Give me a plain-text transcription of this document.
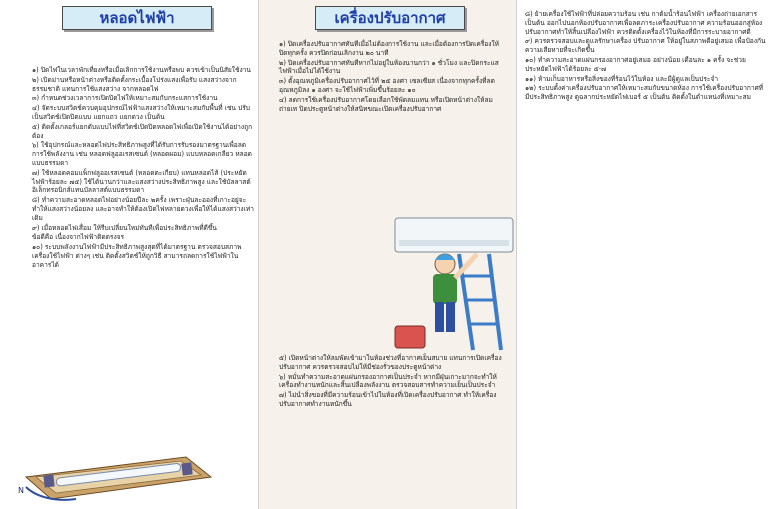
หลอดไฟฟ้า

๑) ปิดไฟในเวลาพักเที่ยงหรือเมื่อเลิกการใช้งานหรือพบ ควรเข้าเป็นนิสัยใช้งาน

๒) เปิดม่านหรือหน้าต่างหรือติดตั้งกระเบื้องโปร่งแสงเพื่อรับ แสงสว่างจากธรรมชาติ แทนการใช้แสงสว่าง จากหลอดไฟ

๓) กำหนดช่วงเวลาการเปิดปิดไฟให้เหมาะสมกับกระแสการใช้งาน

๔) จัดระบบสวิตช์ควบคุมอุปกรณ์ไฟฟ้าแสงสว่างให้เหมาะสมกับพื้นที่ เช่น ปรับเป็นสวิตช์เปิดปิดแบบ แยกแถว แยกดวง เป็นต้น

๕) ติดตั้งเกลอร์แยกดับแบบไฟที่สวิตช์เปิดปิดหลอดไฟเพื่อเปิดใช้งานได้อย่างถูกต้อง

๖) ใช้อุปกรณ์และหลอดไฟประสิทธิภาพสูงที่ได้รับการรับรองมาตรฐานเพื่อลดการใช้พลังงาน เช่น หลอดฟลูออเรสเซนต์ (หลอดผอม) แบบหลอดเกลียว หลอดแบบธรรมดา

๗) ใช้หลอดคอมแพ็กฟลูออเรสเซนต์ (หลอดตะเกียบ) แทนหลอดไส้ (ประหยัดไฟฟ้าร้อยละ ๗๕) ใช้ได้นานกว่าและแสงสว่างประสิทธิภาพสูง และใช้บัลลาสต์อิเล็กทรอนิกส์แทนบัลลาสต์แบบธรรมดา

๘) ทำความสะอาดหลอดไฟอย่างน้อยปีละ ๒ครั้ง เพราะฝุ่นละอองที่เกาะอยู่จะทำให้แสงสว่างน้อยลง และอาจทำให้ต้องเปิดไฟหลายดวงเพื่อให้ได้แสงสว่างเท่าเดิม

๙) เมื่อหลอดไฟเสื่อม ให้รีบเปลี่ยนใหม่ทันทีเพื่อประสิทธิภาพที่ดีขึ้น

ข้อดีคือ เนื่องจากไฟฟ้าติดตรงจร

๑๐) ระบบพลังงานไฟฟ้ามีประสิทธิภาพสูงสุดที่ได้มาตรฐาน ตรวจสอบสภาพเครื่องใช้ไฟฟ้า ต่างๆ เช่น ติดตั้งสวิตช์ให้ถูกวิธี สามารถลดการใช้ไฟฟ้าในอาคารได้

N
เครื่องปรับอากาศ

๑) ปิดเครื่องปรับอากาศทันทีเมื่อไม่ต้องการใช้งาน และเมื่อต้องการปิดเครื่องให้ปิดทุกครั้ง ควรปิดก่อนเลิกงาน ๒๐ นาที

๒) ปิดเครื่องปรับอากาศทันทีหากไม่อยู่ในห้องนานกว่า ๑ ชั่วโมง และปิดกระแสไฟฟ้าเมื่อไม่ได้ใช้งาน

๓) ตั้งอุณหภูมิเครื่องปรับอากาศไว้ที่ ๒๕ องศา เซลเซียส เนื่องจากทุกครั้งที่ลดอุณหภูมิลง ๑ องศา จะใช้ไฟฟ้าเพิ่มขึ้นร้อยละ ๑๐

๔) ลดการใช้เครื่องปรับอากาศโดยเลือกใช้พัดลมแทน หรือเปิดหน้าต่างให้ลมถ่ายเท ปิดประตูหน้าต่างให้สนิทขณะเปิดเครื่องปรับอากาศ

๕) เปิดหน้าต่างให้ลมพัดเข้ามาในห้องช่วงที่อากาศเย็นสบาย แทนการเปิดเครื่องปรับอากาศ ควรตรวจสอบไม่ให้มีช่องรั่วของประตูหน้าต่าง

๖) หมั่นทำความสะอาดแผ่นกรองอากาศเป็นประจำ หากมีฝุ่นเกาะมากจะทำให้เครื่องทำงานหนักและสิ้นเปลืองพลังงาน ตรวจสอบสารทำความเย็นเป็นประจำ

๗) ไม่นำสิ่งของที่มีความร้อนเข้าไปในห้องที่เปิดเครื่องปรับอากาศ ทำให้เครื่องปรับอากาศทำงานหนักขึ้น

๘) ย้ายเครื่องใช้ไฟฟ้าที่ปล่อยความร้อน เช่น กาต้มน้ำร้อนไฟฟ้า เครื่องถ่ายเอกสาร เป็นต้น ออกไปนอกห้องปรับอากาศเพื่อลดภาระเครื่องปรับอากาศ ความร้อนออกสู่ห้องปรับอากาศทำให้สิ้นเปลืองไฟฟ้า ควรติดตั้งเครื่องไว้ในห้องที่มีการระบายอากาศดี

๙) ควรตรวจสอบและดูแลรักษาเครื่อง ปรับอากาศ ให้อยู่ในสภาพดีอยู่เสมอ เพื่อป้องกันความเสียหายที่จะเกิดขึ้น

๑๐) ทำความสะอาดแผ่นกรองอากาศอยู่เสมอ อย่างน้อย เดือนละ ๑ ครั้ง จะช่วยประหยัดไฟฟ้าได้ร้อยละ ๕-๗

๑๑) ห้ามเก็บอาหารหรือสิ่งของที่ร้อนไว้ในห้อง และมีผู้ดูแลเป็นประจำ

๑๒) ระบบตั้งค่าเครื่องปรับอากาศให้เหมาะสมกับขนาดห้อง การใช้เครื่องปรับอากาศที่มีประสิทธิภาพสูง ดูฉลากประหยัดไฟเบอร์ ๕ เป็นต้น ติดตั้งในตำแหน่งที่เหมาะสม
